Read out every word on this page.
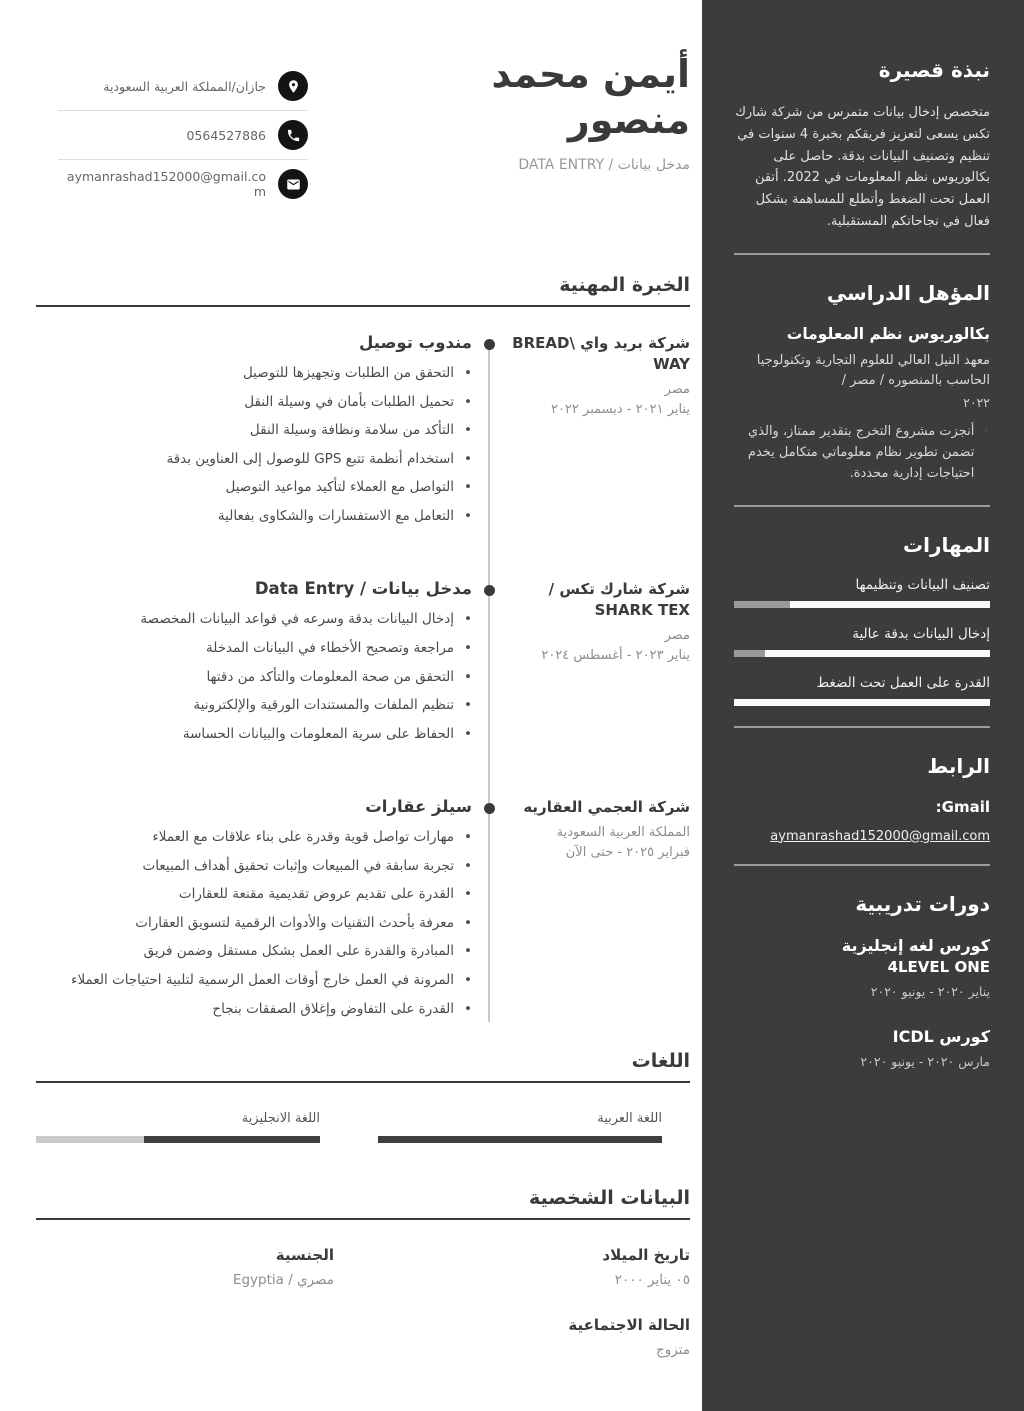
أيمن محمد منصور
مدخل بيانات / DATA ENTRY
جازان/المملكة العربية السعودية
0564527886
aymanrashad152000@gmail.com
الخبرة المهنية
شركة بريد واي \BREAD WAY
مصر
يناير ٢٠٢١ - ديسمبر ٢٠٢٢
مندوب توصيل
•
التحقق من الطلبات وتجهيزها للتوصيل
•
تحميل الطلبات بأمان في وسيلة النقل
•
التأكد من سلامة ونظافة وسيلة النقل
•
استخدام أنظمة تتبع GPS للوصول إلى العناوين بدقة
•
التواصل مع العملاء لتأكيد مواعيد التوصيل
•
التعامل مع الاستفسارات والشكاوى بفعالية
شركة شارك تكس / SHARK TEX
مصر
يناير ٢٠٢٣ - أغسطس ٢٠٢٤
مدخل بيانات / Data Entry
•
إدخال البيانات بدقة وسرعه في قواعد البيانات المخصصة
•
مراجعة وتصحيح الأخطاء في البيانات المدخلة
•
التحقق من صحة المعلومات والتأكد من دقتها
•
تنظيم الملفات والمستندات الورقية والإلكترونية
•
الحفاظ على سرية المعلومات والبيانات الحساسة
شركة العجمي العقاريه
المملكة العربية السعودية
فبراير ٢٠٢٥ - حتى الآن
سيلز عقارات
•
مهارات تواصل قوية وقدرة على بناء علاقات مع العملاء
•
تجربة سابقة في المبيعات وإثبات تحقيق أهداف المبيعات
•
القدرة على تقديم عروض تقديمية مقنعة للعقارات
•
معرفة بأحدث التقنيات والأدوات الرقمية لتسويق العقارات
•
المبادرة والقدرة على العمل بشكل مستقل وضمن فريق
•
المرونة في العمل خارج أوقات العمل الرسمية لتلبية احتياجات العملاء
•
القدرة على التفاوض وإغلاق الصفقات بنجاح
اللغات
اللغة العربية
اللغة الانجليزية
البيانات الشخصية
تاريخ الميلاد
٠٥ يناير ٢٠٠٠
الجنسية
مصري / Egyptia
الحالة الاجتماعية
متزوج
نبذة قصيرة

متخصص إدخال بيانات متمرس من شركة شارك تكس يسعى لتعزيز فريقكم بخبرة 4 سنوات في تنظيم وتصنيف البيانات بدقة. حاصل على بكالوريوس نظم المعلومات في 2022. أتقن العمل تحت الضغط وأتطلع للمساهمة بشكل فعال في نجاحاتكم المستقبلية.

المؤهل الدراسي
بكالوريوس نظم المعلومات
معهد النيل العالي للعلوم التجارية وتكنولوجيا الحاسب بالمنصوره / مصر /
٢٠٢٢
•
أنجزت مشروع التخرج بتقدير ممتاز، والذي تضمن تطوير نظام معلوماتي متكامل يخدم احتياجات إدارية محددة.
المهارات
تصنيف البيانات وتنظيمها
إدخال البيانات بدقة عالية
القدرة على العمل تحت الضغط
الرابط
Gmail:
aymanrashad152000@gmail.com
دورات تدريبية
كورس لغه إنجليزية
4LEVEL ONE
يناير ٢٠٢٠ - يونيو ٢٠٢٠
كورس ICDL
مارس ٢٠٢٠ - يونيو ٢٠٢٠
